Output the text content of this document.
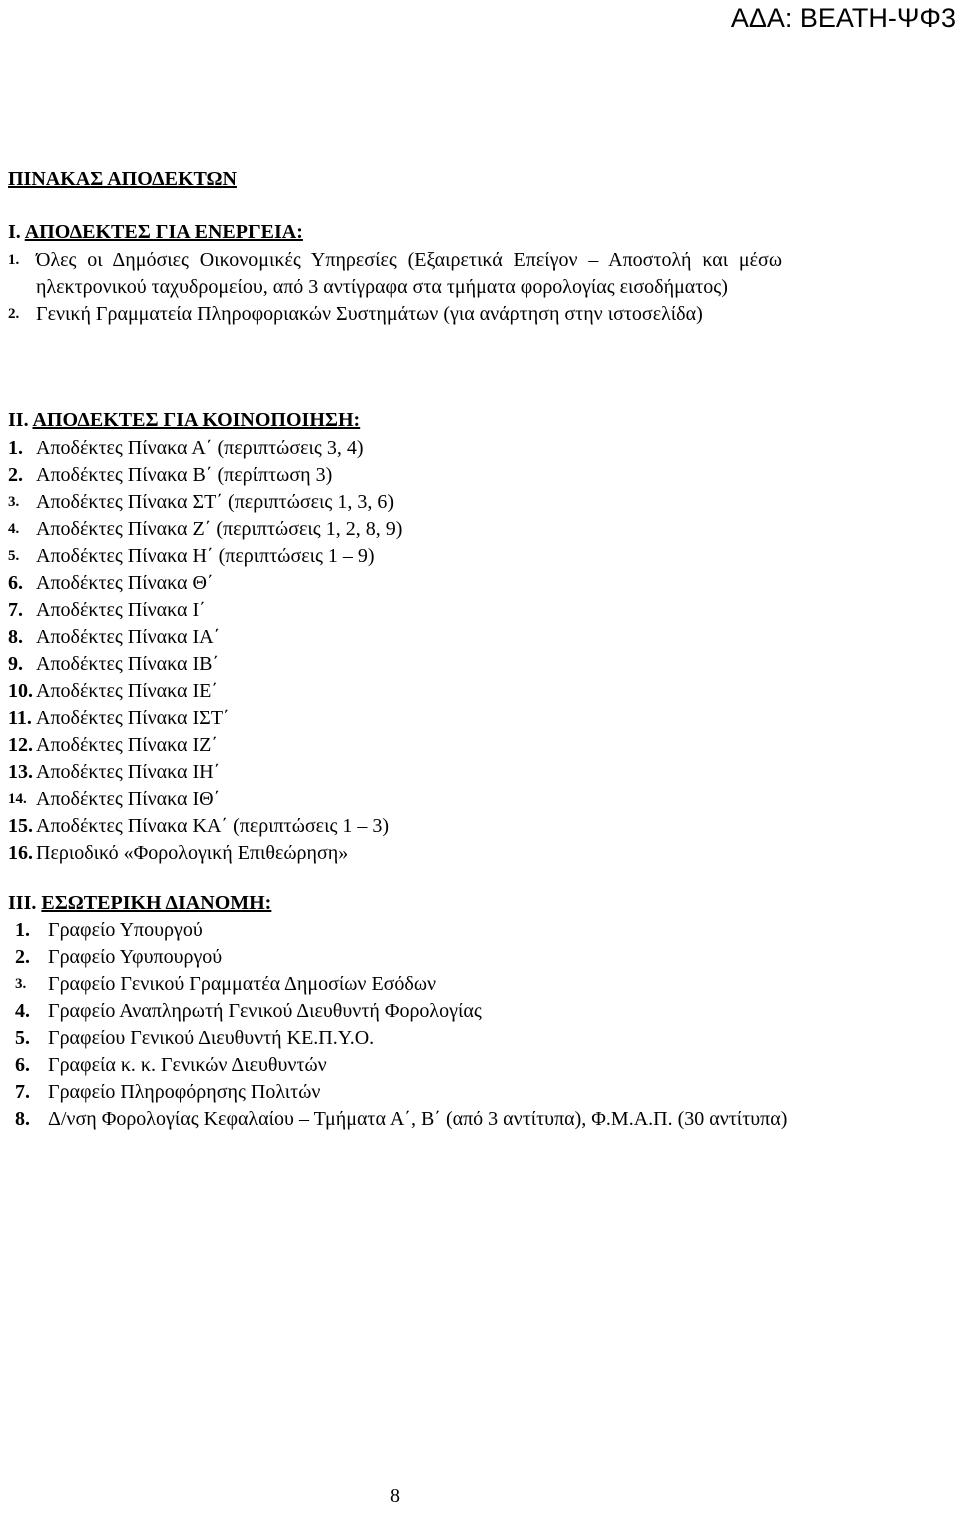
ΑΔΑ: ΒΕΑΤΗ-ΨΦ3
ΠΙΝΑΚΑΣ ΑΠΟΔΕΚΤΩΝ
Ι. ΑΠΟΔΕΚΤΕΣ ΓΙΑ ΕΝΕΡΓΕΙΑ:
1. Όλες οι Δημόσιες Οικονομικές Υπηρεσίες (Εξαιρετικά Επείγον – Αποστολή και μέσω ηλεκτρονικού ταχυδρομείου, από 3 αντίγραφα στα τμήματα φορολογίας εισοδήματος)
2. Γενική Γραμματεία Πληροφοριακών Συστημάτων (για ανάρτηση στην ιστοσελίδα)
ΙΙ. ΑΠΟΔΕΚΤΕΣ ΓΙΑ ΚΟΙΝΟΠΟΙΗΣΗ:
1. Αποδέκτες Πίνακα Α΄ (περιπτώσεις 3, 4)
2. Αποδέκτες Πίνακα Β΄ (περίπτωση 3)
3. Αποδέκτες Πίνακα ΣΤ΄ (περιπτώσεις 1, 3, 6)
4. Αποδέκτες Πίνακα Ζ΄ (περιπτώσεις 1, 2, 8, 9)
5. Αποδέκτες Πίνακα Η΄ (περιπτώσεις 1 – 9)
6. Αποδέκτες Πίνακα Θ΄
7. Αποδέκτες Πίνακα Ι΄
8. Αποδέκτες Πίνακα ΙΑ΄
9. Αποδέκτες Πίνακα ΙΒ΄
10. Αποδέκτες Πίνακα ΙΕ΄
11. Αποδέκτες Πίνακα ΙΣΤ΄
12. Αποδέκτες Πίνακα ΙΖ΄
13. Αποδέκτες Πίνακα ΙΗ΄
14. Αποδέκτες Πίνακα ΙΘ΄
15. Αποδέκτες Πίνακα ΚΑ΄ (περιπτώσεις 1 – 3)
16. Περιοδικό «Φορολογική Επιθεώρηση»
ΙΙΙ. ΕΣΩΤΕΡΙΚΗ ΔΙΑΝΟΜΗ:
1. Γραφείο Υπουργού
2. Γραφείο Υφυπουργού
3. Γραφείο Γενικού Γραμματέα Δημοσίων Εσόδων
4. Γραφείο Αναπληρωτή Γενικού Διευθυντή Φορολογίας
5. Γραφείου Γενικού Διευθυντή ΚΕ.Π.Υ.Ο.
6. Γραφεία κ. κ. Γενικών Διευθυντών
7. Γραφείο Πληροφόρησης Πολιτών
8. Δ/νση Φορολογίας Κεφαλαίου – Τμήματα Α΄, Β΄ (από 3 αντίτυπα), Φ.Μ.Α.Π. (30 αντίτυπα)
8
